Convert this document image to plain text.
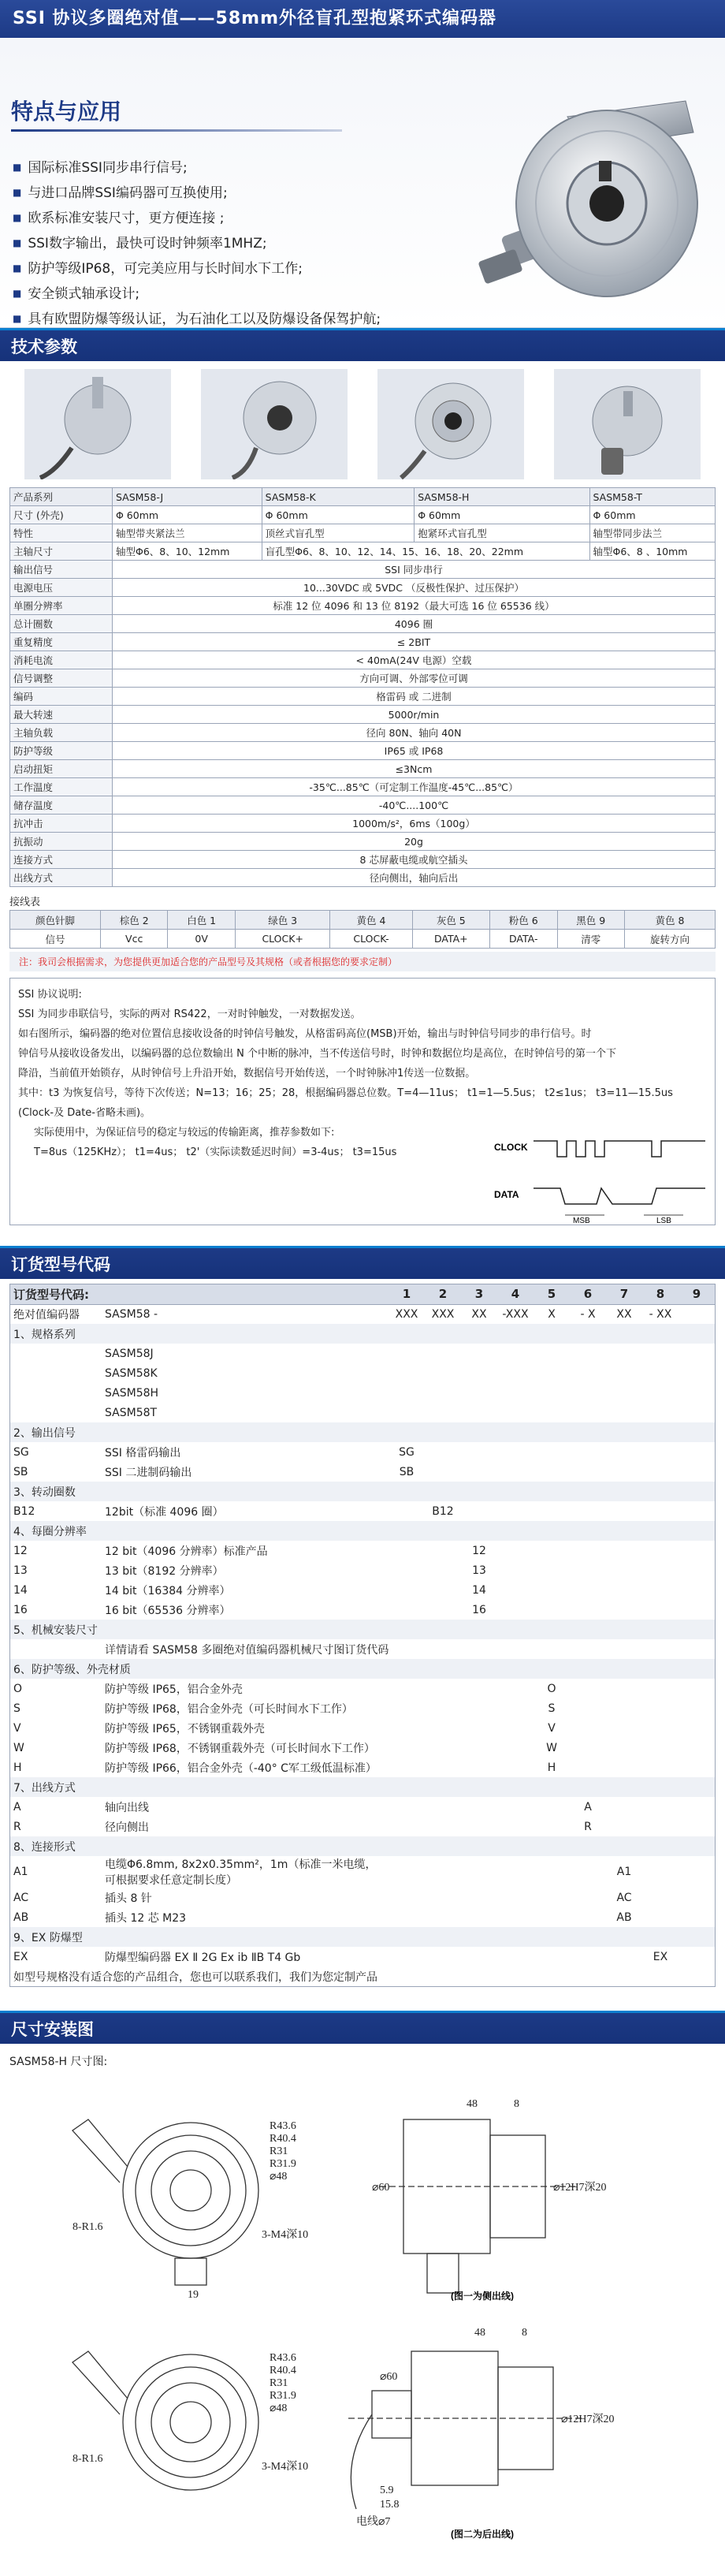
SSI 协议多圈绝对值——58mm外径盲孔型抱紧环式编码器
特点与应用
■ 国际标准SSI同步串行信号;
■ 与进口品牌SSI编码器可互换使用;
■ 欧系标准安装尺寸，更方便连接 ;
■ SSI数字输出，最快可设时钟频率1MHZ;
■ 防护等级IP68，可完美应用与长时间水下工作;
■ 安全锁式轴承设计;
■ 具有欧盟防爆等级认证，为石油化工以及防爆设备保驾护航;
技术参数
产品系列	SASM58-J	SASM58-K	SASM58-H	SASM58-T
尺寸 (外壳)	Φ 60mm	Φ 60mm	Φ 60mm	Φ 60mm
特性	轴型带夹紧法兰	顶丝式盲孔型	抱紧环式盲孔型	轴型带同步法兰
主轴尺寸	轴型Φ6、8、10、12mm	盲孔型Φ6、8、10、12、14、15、16、18、20、22mm		轴型Φ6、8 、10mm
输出信号	SSI 同步串行			
电源电压	10...30VDC 或 5VDC （反极性保护、过压保护）			
单圈分辨率	标准 12 位 4096 和 13 位 8192（最大可选 16 位 65536 线）			
总计圈数	4096 圈			
重复精度	≤ 2BIT			
消耗电流	< 40mA(24V 电源）空载			
信号调整	方向可调、外部零位可调			
编码	格雷码 或 二进制			
最大转速	5000r/min			
主轴负载	径向 80N、轴向 40N			
防护等级	IP65 或 IP68			
启动扭矩	≤3Ncm			
工作温度	-35℃...85℃（可定制工作温度-45℃...85℃）			
储存温度	-40℃....100℃			
抗冲击	1000m/s²，6ms（100g）			
抗振动	20g			
连接方式	8 芯屏蔽电缆或航空插头			
出线方式	径向侧出，轴向后出			
接线表
颜色针脚	棕色 2	白色 1	绿色 3	黄色 4	灰色 5	粉色 6	黑色 9	黄色 8
信号	Vcc	0V	CLOCK+	CLOCK-	DATA+	DATA-	清零	旋转方向
注：我司会根据需求，为您提供更加适合您的产品型号及其规格（或者根据您的要求定制）
SSI 协议说明:
SSI 为同步串联信号，实际的两对 RS422，一对时钟触发，一对数据发送。
如右图所示，编码器的绝对位置信息接收设备的时钟信号触发，从格雷码高位(MSB)开始，输出与时钟信号同步的串行信号。时
钟信号从接收设备发出，以编码器的总位数输出 N 个中断的脉冲，当不传送信号时，时钟和数据位均是高位，在时钟信号的第一个下
降沿，当前值开始锁存，从时钟信号上升沿开始，数据信号开始传送，一个时钟脉冲1传送一位数据。
其中：t3 为恢复信号，等待下次传送；N=13；16；25；28，根据编码器总位数。T=4—11us； t1=1—5.5us； t2≤1us； t3=11—15.5us
(Clock-及 Date-省略未画)。
实际使用中，为保证信号的稳定与较远的传输距离，推荐参数如下:
T=8us（125KHz）； t1=4us； t2'（实际读数延迟时间）=3-4us； t3=15us	CLOCK
DATA
MSB	LSB
订货型号代码
订货型号代码:		1	2	3	4	5	6	7	8	9
绝对值编码器	SASM58 -	XXX	XXX	XX	-XXX	X	- X	XX	- XX	
1、规格系列										
	SASM58J									
	SASM58K									
	SASM58H									
	SASM58T									
2、输出信号										
SG	SSI 格雷码输出	SG								
SB	SSI 二进制码输出	SB								
3、转动圈数										
B12	12bit（标准 4096 圈）		B12							
4、每圈分辨率										
12	12 bit（4096 分辨率）标准产品			12						
13	13 bit（8192 分辨率）			13						
14	14 bit（16384 分辨率）			14						
16	16 bit（65536 分辨率）			16						
5、机械安装尺寸										
	详情请看 SASM58 多圈绝对值编码器机械尺寸图订货代码									
6、防护等级、外壳材质										
O	防护等级 IP65，铝合金外壳					O				
S	防护等级 IP68，铝合金外壳（可长时间水下工作）					S				
V	防护等级 IP65，不锈钢重载外壳					V				
W	防护等级 IP68，不锈钢重载外壳（可长时间水下工作）					W				
H	防护等级 IP66，铝合金外壳（-40° C军工级低温标准）					H				
7、出线方式										
A	轴向出线						A			
R	径向侧出						R			
8、连接形式										
A1	电缆Φ6.8mm, 8x2x0.35mm²，1m（标准一米电缆，可根据要求任意定制长度）							A1		
AC	插头 8 针							AC		
AB	插头 12 芯 M23							AB		
9、EX 防爆型										
EX	防爆型编码器 EX Ⅱ 2G Ex ib ⅡB T4 Gb								EX	
如型号规格没有适合您的产品组合，您也可以联系我们，我们为您定制产品										
尺寸安装图
SASM58-H 尺寸图:
R43.6
R40.4
R31
R31.9
⌀48
8-R1.6
3-M4深10
19
48	8
⌀60	⌀12H7深20
(图一为侧出线)
R43.6
R40.4
R31
R31.9
⌀48
8-R1.6
3-M4深10
48	8
⌀60
⌀12H7深20
5.9
15.8
电线⌀7
(图二为后出线)
